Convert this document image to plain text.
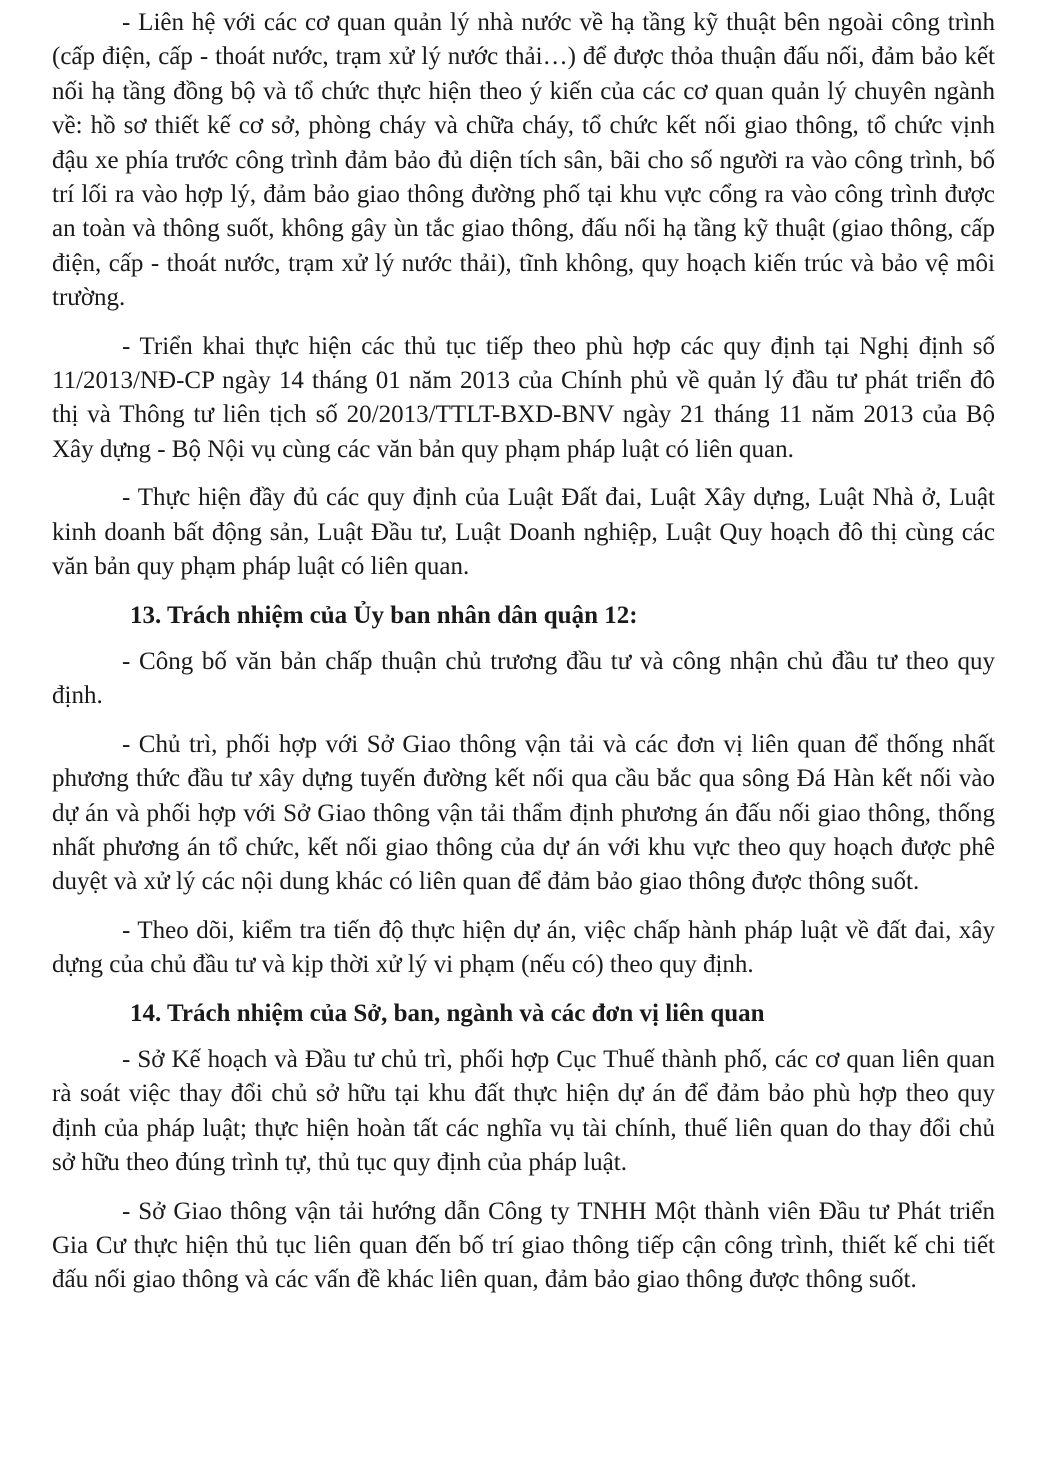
- Liên hệ với các cơ quan quản lý nhà nước về hạ tầng kỹ thuật bên ngoài công trình (cấp điện, cấp - thoát nước, trạm xử lý nước thải…) để được thỏa thuận đấu nối, đảm bảo kết nối hạ tầng đồng bộ và tổ chức thực hiện theo ý kiến của các cơ quan quản lý chuyên ngành về: hồ sơ thiết kế cơ sở, phòng cháy và chữa cháy, tổ chức kết nối giao thông, tổ chức vịnh đậu xe phía trước công trình đảm bảo đủ diện tích sân, bãi cho số người ra vào công trình, bố trí lối ra vào hợp lý, đảm bảo giao thông đường phố tại khu vực cổng ra vào công trình được an toàn và thông suốt, không gây ùn tắc giao thông, đấu nối hạ tầng kỹ thuật (giao thông, cấp điện, cấp - thoát nước, trạm xử lý nước thải), tĩnh không, quy hoạch kiến trúc và bảo vệ môi trường.

- Triển khai thực hiện các thủ tục tiếp theo phù hợp các quy định tại Nghị định số 11/2013/NĐ-CP ngày 14 tháng 01 năm 2013 của Chính phủ về quản lý đầu tư phát triển đô thị và Thông tư liên tịch số 20/2013/TTLT-BXD-BNV ngày 21 tháng 11 năm 2013 của Bộ Xây dựng - Bộ Nội vụ cùng các văn bản quy phạm pháp luật có liên quan.

- Thực hiện đầy đủ các quy định của Luật Đất đai, Luật Xây dựng, Luật Nhà ở, Luật kinh doanh bất động sản, Luật Đầu tư, Luật Doanh nghiệp, Luật Quy hoạch đô thị cùng các văn bản quy phạm pháp luật có liên quan.

13. Trách nhiệm của Ủy ban nhân dân quận 12:

- Công bố văn bản chấp thuận chủ trương đầu tư và công nhận chủ đầu tư theo quy định.

- Chủ trì, phối hợp với Sở Giao thông vận tải và các đơn vị liên quan để thống nhất phương thức đầu tư xây dựng tuyến đường kết nối qua cầu bắc qua sông Đá Hàn kết nối vào dự án và phối hợp với Sở Giao thông vận tải thẩm định phương án đấu nối giao thông, thống nhất phương án tổ chức, kết nối giao thông của dự án với khu vực theo quy hoạch được phê duyệt và xử lý các nội dung khác có liên quan để đảm bảo giao thông được thông suốt.

- Theo dõi, kiểm tra tiến độ thực hiện dự án, việc chấp hành pháp luật về đất đai, xây dựng của chủ đầu tư và kịp thời xử lý vi phạm (nếu có) theo quy định.

14. Trách nhiệm của Sở, ban, ngành và các đơn vị liên quan

- Sở Kế hoạch và Đầu tư chủ trì, phối hợp Cục Thuế thành phố, các cơ quan liên quan rà soát việc thay đổi chủ sở hữu tại khu đất thực hiện dự án để đảm bảo phù hợp theo quy định của pháp luật; thực hiện hoàn tất các nghĩa vụ tài chính, thuế liên quan do thay đổi chủ sở hữu theo đúng trình tự, thủ tục quy định của pháp luật.

- Sở Giao thông vận tải hướng dẫn Công ty TNHH Một thành viên Đầu tư Phát triển Gia Cư thực hiện thủ tục liên quan đến bố trí giao thông tiếp cận công trình, thiết kế chi tiết đấu nối giao thông và các vấn đề khác liên quan, đảm bảo giao thông được thông suốt.
